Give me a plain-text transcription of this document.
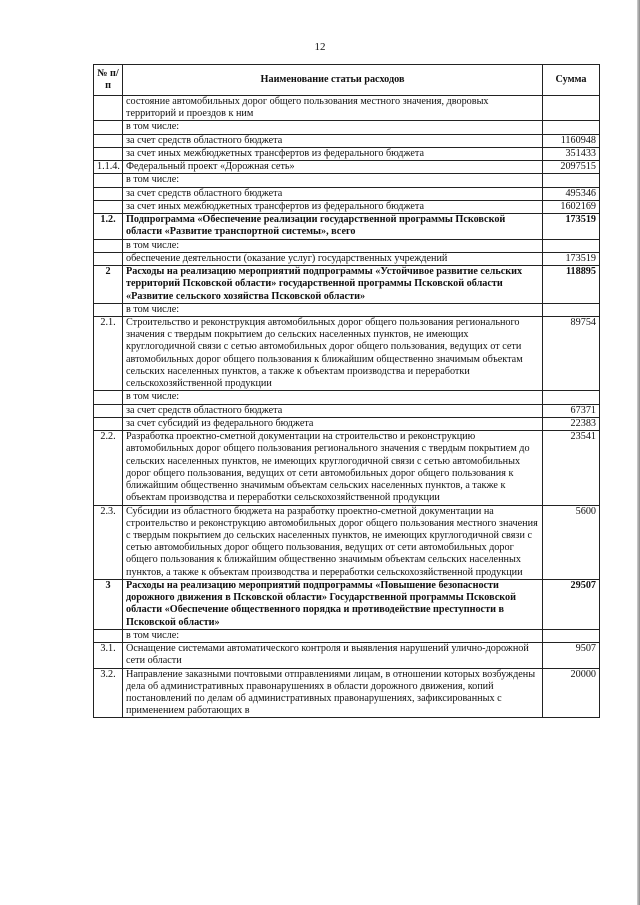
12
№ п/п	Наименование статьи расходов	Сумма
	состояние автомобильных дорог общего пользования местного значения, дворовых территорий и проездов к ним	
	в том числе:	
	за счет средств областного бюджета	1160948
	за счет иных межбюджетных трансфертов из федерального бюджета	351433
1.1.4.	Федеральный проект «Дорожная сеть»	2097515
	в том числе:	
	за счет средств областного бюджета	495346
	за счет иных межбюджетных трансфертов из федерального бюджета	1602169
1.2.	Подпрограмма «Обеспечение реализации государственной программы Псковской области «Развитие транспортной системы», всего	173519
	в том числе:	
	обеспечение деятельности (оказание услуг) государственных учреждений	173519
2	Расходы на реализацию мероприятий подпрограммы «Устойчивое развитие сельских территорий Псковской области» государственной программы Псковской области «Развитие сельского хозяйства Псковской области»	118895
	в том числе:	
2.1.	Строительство и реконструкция автомобильных дорог общего пользования регионального значения с твердым покрытием до сельских населенных пунктов, не имеющих круглогодичной связи с сетью автомобильных дорог общего пользования, ведущих от сети автомобильных дорог общего пользования к ближайшим общественно значимым объектам сельских населенных пунктов, а также к объектам производства и переработки сельскохозяйственной продукции	89754
	в том числе:	
	за счет средств областного бюджета	67371
	за счет субсидий из федерального бюджета	22383
2.2.	Разработка проектно-сметной документации на строительство и реконструкцию автомобильных дорог общего пользования регионального значения с твердым покрытием до сельских населенных пунктов, не имеющих круглогодичной связи с сетью автомобильных дорог общего пользования, ведущих от сети автомобильных дорог общего пользования к ближайшим общественно значимым объектам сельских населенных пунктов, а также к объектам производства и переработки сельскохозяйственной продукции	23541
2.3.	Субсидии из областного бюджета на разработку проектно-сметной документации на строительство и реконструкцию автомобильных дорог общего пользования местного значения с твердым покрытием до сельских населенных пунктов, не имеющих круглогодичной связи с сетью автомобильных дорог общего пользования, ведущих от сети автомобильных дорог общего пользования к ближайшим общественно значимым объектам сельских населенных пунктов, а также к объектам производства и переработки сельскохозяйственной продукции	5600
3	Расходы на реализацию мероприятий подпрограммы «Повышение безопасности дорожного движения в Псковской области» Государственной программы Псковской области «Обеспечение общественного порядка и противодействие преступности в Псковской области»	29507
	в том числе:	
3.1.	Оснащение системами автоматического контроля и выявления нарушений улично-дорожной сети области	9507
3.2.	Направление заказными почтовыми отправлениями лицам, в отношении которых возбуждены дела об административных правонарушениях в области дорожного движения, копий постановлений по делам об административных правонарушениях, зафиксированных с применением работающих в	20000
